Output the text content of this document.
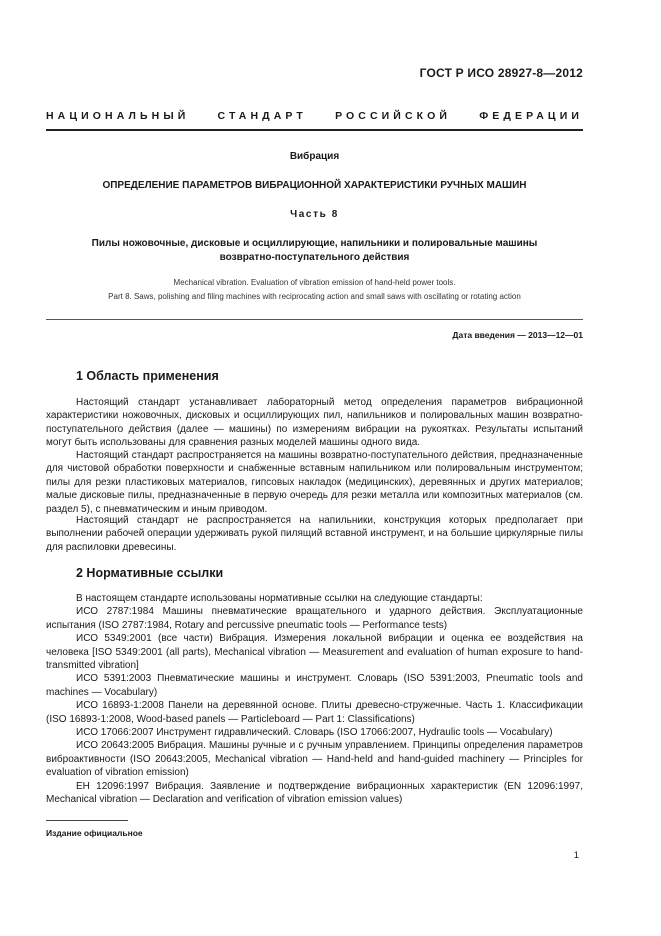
ГОСТ Р ИСО 28927-8—2012
НАЦИОНАЛЬНЫЙ СТАНДАРТ РОССИЙСКОЙ ФЕДЕРАЦИИ
Вибрация
ОПРЕДЕЛЕНИЕ ПАРАМЕТРОВ ВИБРАЦИОННОЙ ХАРАКТЕРИСТИКИ РУЧНЫХ МАШИН
Часть 8
Пилы ножовочные, дисковые и осциллирующие, напильники и полировальные машины
возвратно-поступательного действия
Mechanical vibration. Evaluation of vibration emission of hand-held power tools.
Part 8. Saws, polishing and filing machines with reciprocating action and small saws with oscillating or rotating action
Дата введения — 2013—12—01
1 Область применения

Настоящий стандарт устанавливает лабораторный метод определения параметров вибрационной характеристики ножовочных, дисковых и осциллирующих пил, напильников и полировальных машин возвратно-поступательного действия (далее — машины) по измерениям вибрации на рукоятках. Результаты испытаний могут быть использованы для сравнения разных моделей машины одного вида.

Настоящий стандарт распространяется на машины возвратно-поступательного действия, предназначенные для чистовой обработки поверхности и снабженные вставным напильником или полировальным инструментом; пилы для резки пластиковых материалов, гипсовых накладок (медицинских), деревянных и других материалов; малые дисковые пилы, предназначенные в первую очередь для резки металла или композитных материалов (см. раздел 5), с пневматическим и иным приводом.

Настоящий стандарт не распространяется на напильники, конструкция которых предполагает при выполнении рабочей операции удерживать рукой пилящий вставной инструмент, и на большие циркулярные пилы для распиловки древесины.

2 Нормативные ссылки

В настоящем стандарте использованы нормативные ссылки на следующие стандарты:

ИСО 2787:1984 Машины пневматические вращательного и ударного действия. Эксплуатационные испытания (ISO 2787:1984, Rotary and percussive pneumatic tools — Performance tests)

ИСО 5349:2001 (все части) Вибрация. Измерения локальной вибрации и оценка ее воздействия на человека [ISO 5349:2001 (all parts), Mechanical vibration — Measurement and evaluation of human exposure to hand-transmitted vibration]

ИСО 5391:2003 Пневматические машины и инструмент. Словарь (ISO 5391:2003, Pneumatic tools and machines — Vocabulary)

ИСО 16893-1:2008 Панели на деревянной основе. Плиты древесно-стружечные. Часть 1. Классификации (ISO 16893-1:2008, Wood-based panels — Particleboard — Part 1: Classifications)

ИСО 17066:2007 Инструмент гидравлический. Словарь (ISO 17066:2007, Hydraulic tools — Vocabulary)

ИСО 20643:2005 Вибрация. Машины ручные и с ручным управлением. Принципы определения параметров виброактивности (ISO 20643:2005, Mechanical vibration — Hand-held and hand-guided machinery — Principles for evaluation of vibration emission)

ЕН 12096:1997 Вибрация. Заявление и подтверждение вибрационных характеристик (EN 12096:1997, Mechanical vibration — Declaration and verification of vibration emission values)

Издание официальное
1
